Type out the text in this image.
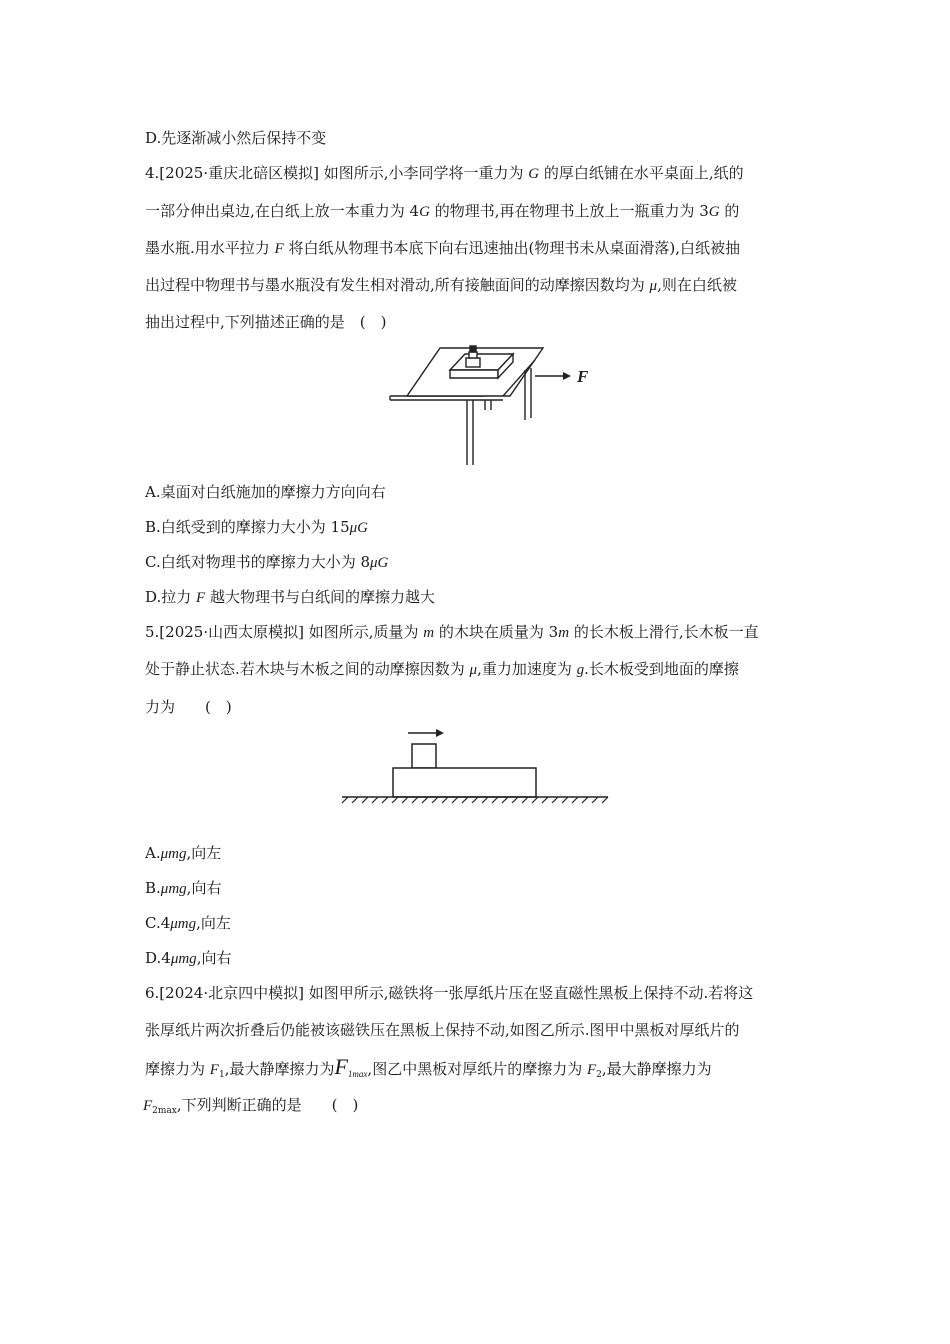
D.先逐渐减小然后保持不变
4.[2025·重庆北碚区模拟] 如图所示,小李同学将一重力为 G 的厚白纸铺在水平桌面上,纸的
一部分伸出桌边,在白纸上放一本重力为 4G 的物理书,再在物理书上放上一瓶重力为 3G 的
墨水瓶.用水平拉力 F 将白纸从物理书本底下向右迅速抽出(物理书未从桌面滑落),白纸被抽
出过程中物理书与墨水瓶没有发生相对滑动,所有接触面间的动摩擦因数均为 μ,则在白纸被
抽出过程中,下列描述正确的是　(　)
F
A.桌面对白纸施加的摩擦力方向向右
B.白纸受到的摩擦力大小为 15μG
C.白纸对物理书的摩擦力大小为 8μG
D.拉力 F 越大物理书与白纸间的摩擦力越大
5.[2025·山西太原模拟] 如图所示,质量为 m 的木块在质量为 3m 的长木板上滑行,长木板一直
处于静止状态.若木块与木板之间的动摩擦因数为 μ,重力加速度为 g.长木板受到地面的摩擦
力为　　(　)
A.μmg,向左
B.μmg,向右
C.4μmg,向左
D.4μmg,向右
6.[2024·北京四中模拟] 如图甲所示,磁铁将一张厚纸片压在竖直磁性黑板上保持不动.若将这
张厚纸片两次折叠后仍能被该磁铁压在黑板上保持不动,如图乙所示.图甲中黑板对厚纸片的
摩擦力为 $F_1$,最大静摩擦力为$F_{1max}$,图乙中黑板对厚纸片的摩擦力为 $F_2$,最大静摩擦力为
$F_{2max}$,下列判断正确的是　　(　)
